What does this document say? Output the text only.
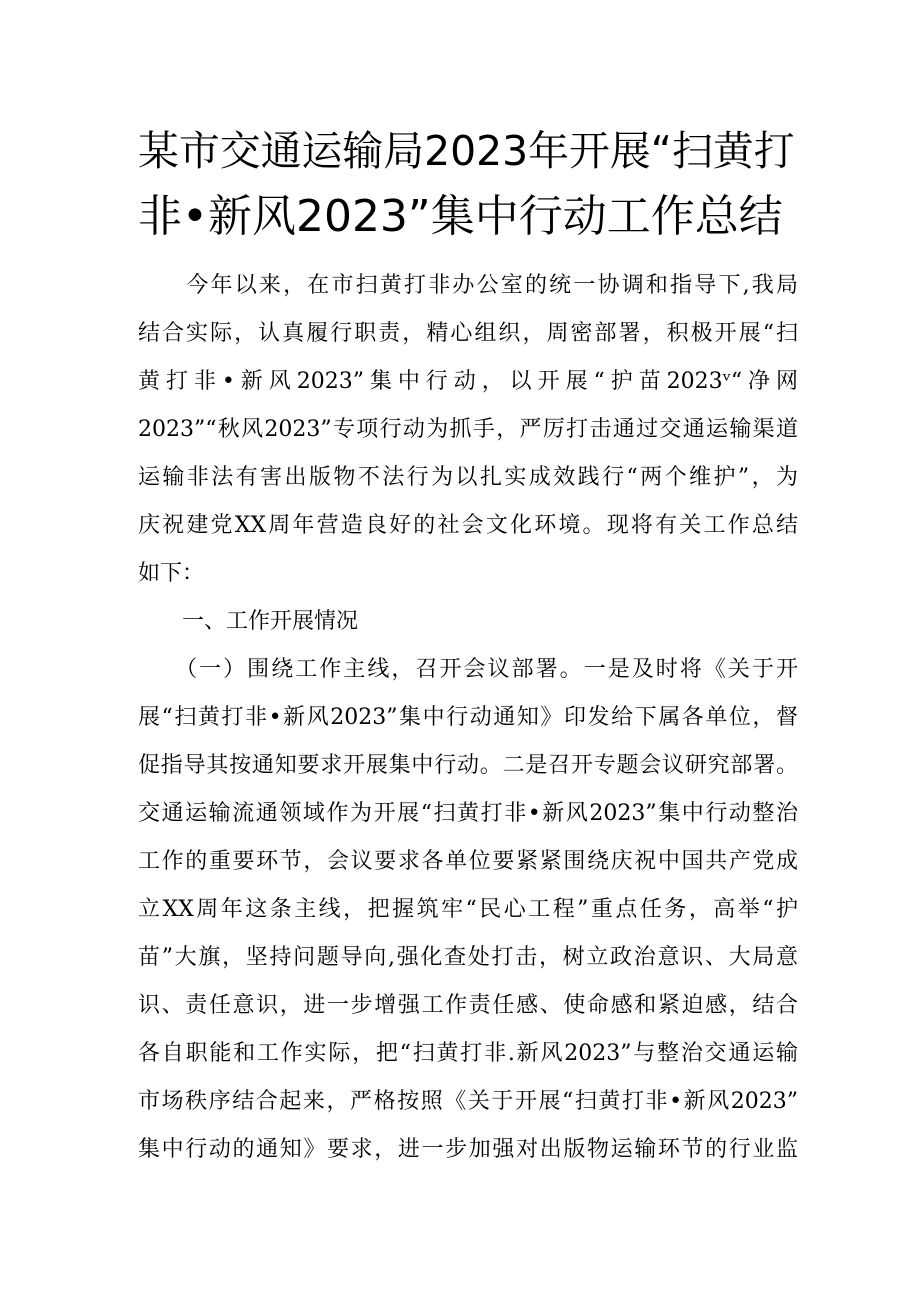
某市交通运输局2023年开展“扫黄打
非•新风2023”集中行动工作总结
　　今年以来，在市扫黄打非办公室的统一协调和指导下,我局
结合实际，认真履行职责，精心组织，周密部署，积极开展“扫
黄打非•新风2023”集中行动，以开展“护苗2023ᵛ“净网
2023”“秋风2023”专项行动为抓手，严厉打击通过交通运输渠道
运输非法有害出版物不法行为以扎实成效践行“两个维护”，为
庆祝建党XX周年营造良好的社会文化环境。现将有关工作总结
如下：
　　一、工作开展情况
　　（一）围绕工作主线，召开会议部署。一是及时将《关于开
展“扫黄打非•新风2023”集中行动通知》印发给下属各单位，督
促指导其按通知要求开展集中行动。二是召开专题会议研究部署。
交通运输流通领域作为开展“扫黄打非•新风2023”集中行动整治
工作的重要环节，会议要求各单位要紧紧围绕庆祝中国共产党成
立XX周年这条主线，把握筑牢“民心工程”重点任务，高举“护
苗”大旗，坚持问题导向,强化查处打击，树立政治意识、大局意
识、责任意识，进一步增强工作责任感、使命感和紧迫感，结合
各自职能和工作实际，把“扫黄打非.新风2023”与整治交通运输
市场秩序结合起来，严格按照《关于开展“扫黄打非•新风2023”
集中行动的通知》要求，进一步加强对出版物运输环节的行业监
